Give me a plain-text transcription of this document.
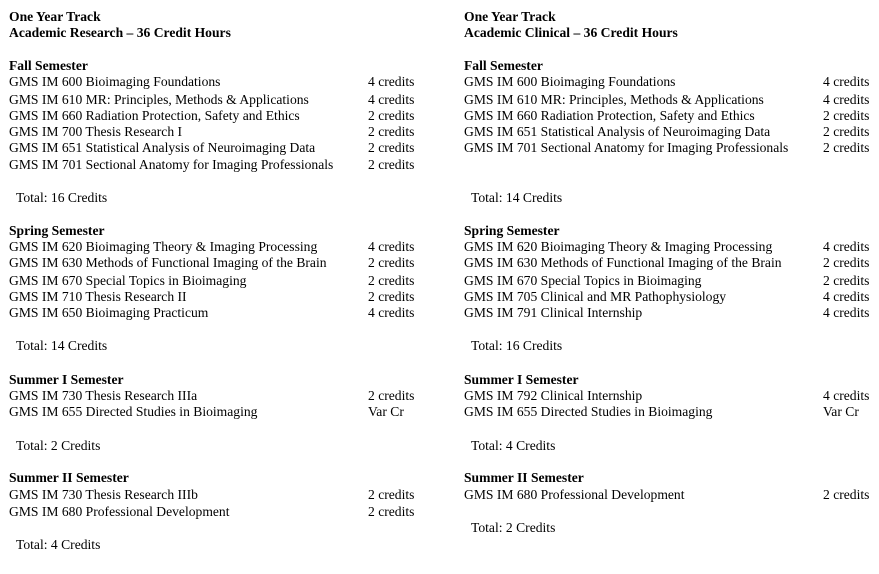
One Year Track
Academic Research – 36 Credit Hours
Fall Semester
GMS IM 600 Bioimaging Foundations	4 credits
GMS IM 610 MR: Principles, Methods & Applications	4 credits
GMS IM 660 Radiation Protection, Safety and Ethics	2 credits
GMS IM 700 Thesis Research I	2 credits
GMS IM 651 Statistical Analysis of Neuroimaging Data	2 credits
GMS IM 701 Sectional Anatomy for Imaging Professionals	2 credits
Total: 16 Credits
Spring Semester
GMS IM 620 Bioimaging Theory & Imaging Processing	4 credits
GMS IM 630 Methods of Functional Imaging of the Brain	2 credits
GMS IM 670 Special Topics in Bioimaging	2 credits
GMS IM 710 Thesis Research II	2 credits
GMS IM 650 Bioimaging Practicum	4 credits
Total: 14 Credits
Summer I Semester
GMS IM 730 Thesis Research IIIa	2 credits
GMS IM 655 Directed Studies in Bioimaging	Var Cr
Total: 2 Credits
Summer II Semester
GMS IM 730 Thesis Research IIIb	2 credits
GMS IM 680 Professional Development	2 credits
Total: 4 Credits
One Year Track
Academic Clinical – 36 Credit Hours
Fall Semester
GMS IM 600 Bioimaging Foundations	4 credits
GMS IM 610 MR: Principles, Methods & Applications	4 credits
GMS IM 660 Radiation Protection, Safety and Ethics	2 credits
GMS IM 651 Statistical Analysis of Neuroimaging Data	2 credits
GMS IM 701 Sectional Anatomy for Imaging Professionals	2 credits
Total: 14 Credits
Spring Semester
GMS IM 620 Bioimaging Theory & Imaging Processing	4 credits
GMS IM 630 Methods of Functional Imaging of the Brain	2 credits
GMS IM 670 Special Topics in Bioimaging	2 credits
GMS IM 705 Clinical and MR Pathophysiology	4 credits
GMS IM 791 Clinical Internship	4 credits
Total: 16 Credits
Summer I Semester
GMS IM 792 Clinical Internship	4 credits
GMS IM 655 Directed Studies in Bioimaging	Var Cr
Total: 4 Credits
Summer II Semester
GMS IM 680 Professional Development	2 credits
Total: 2 Credits
